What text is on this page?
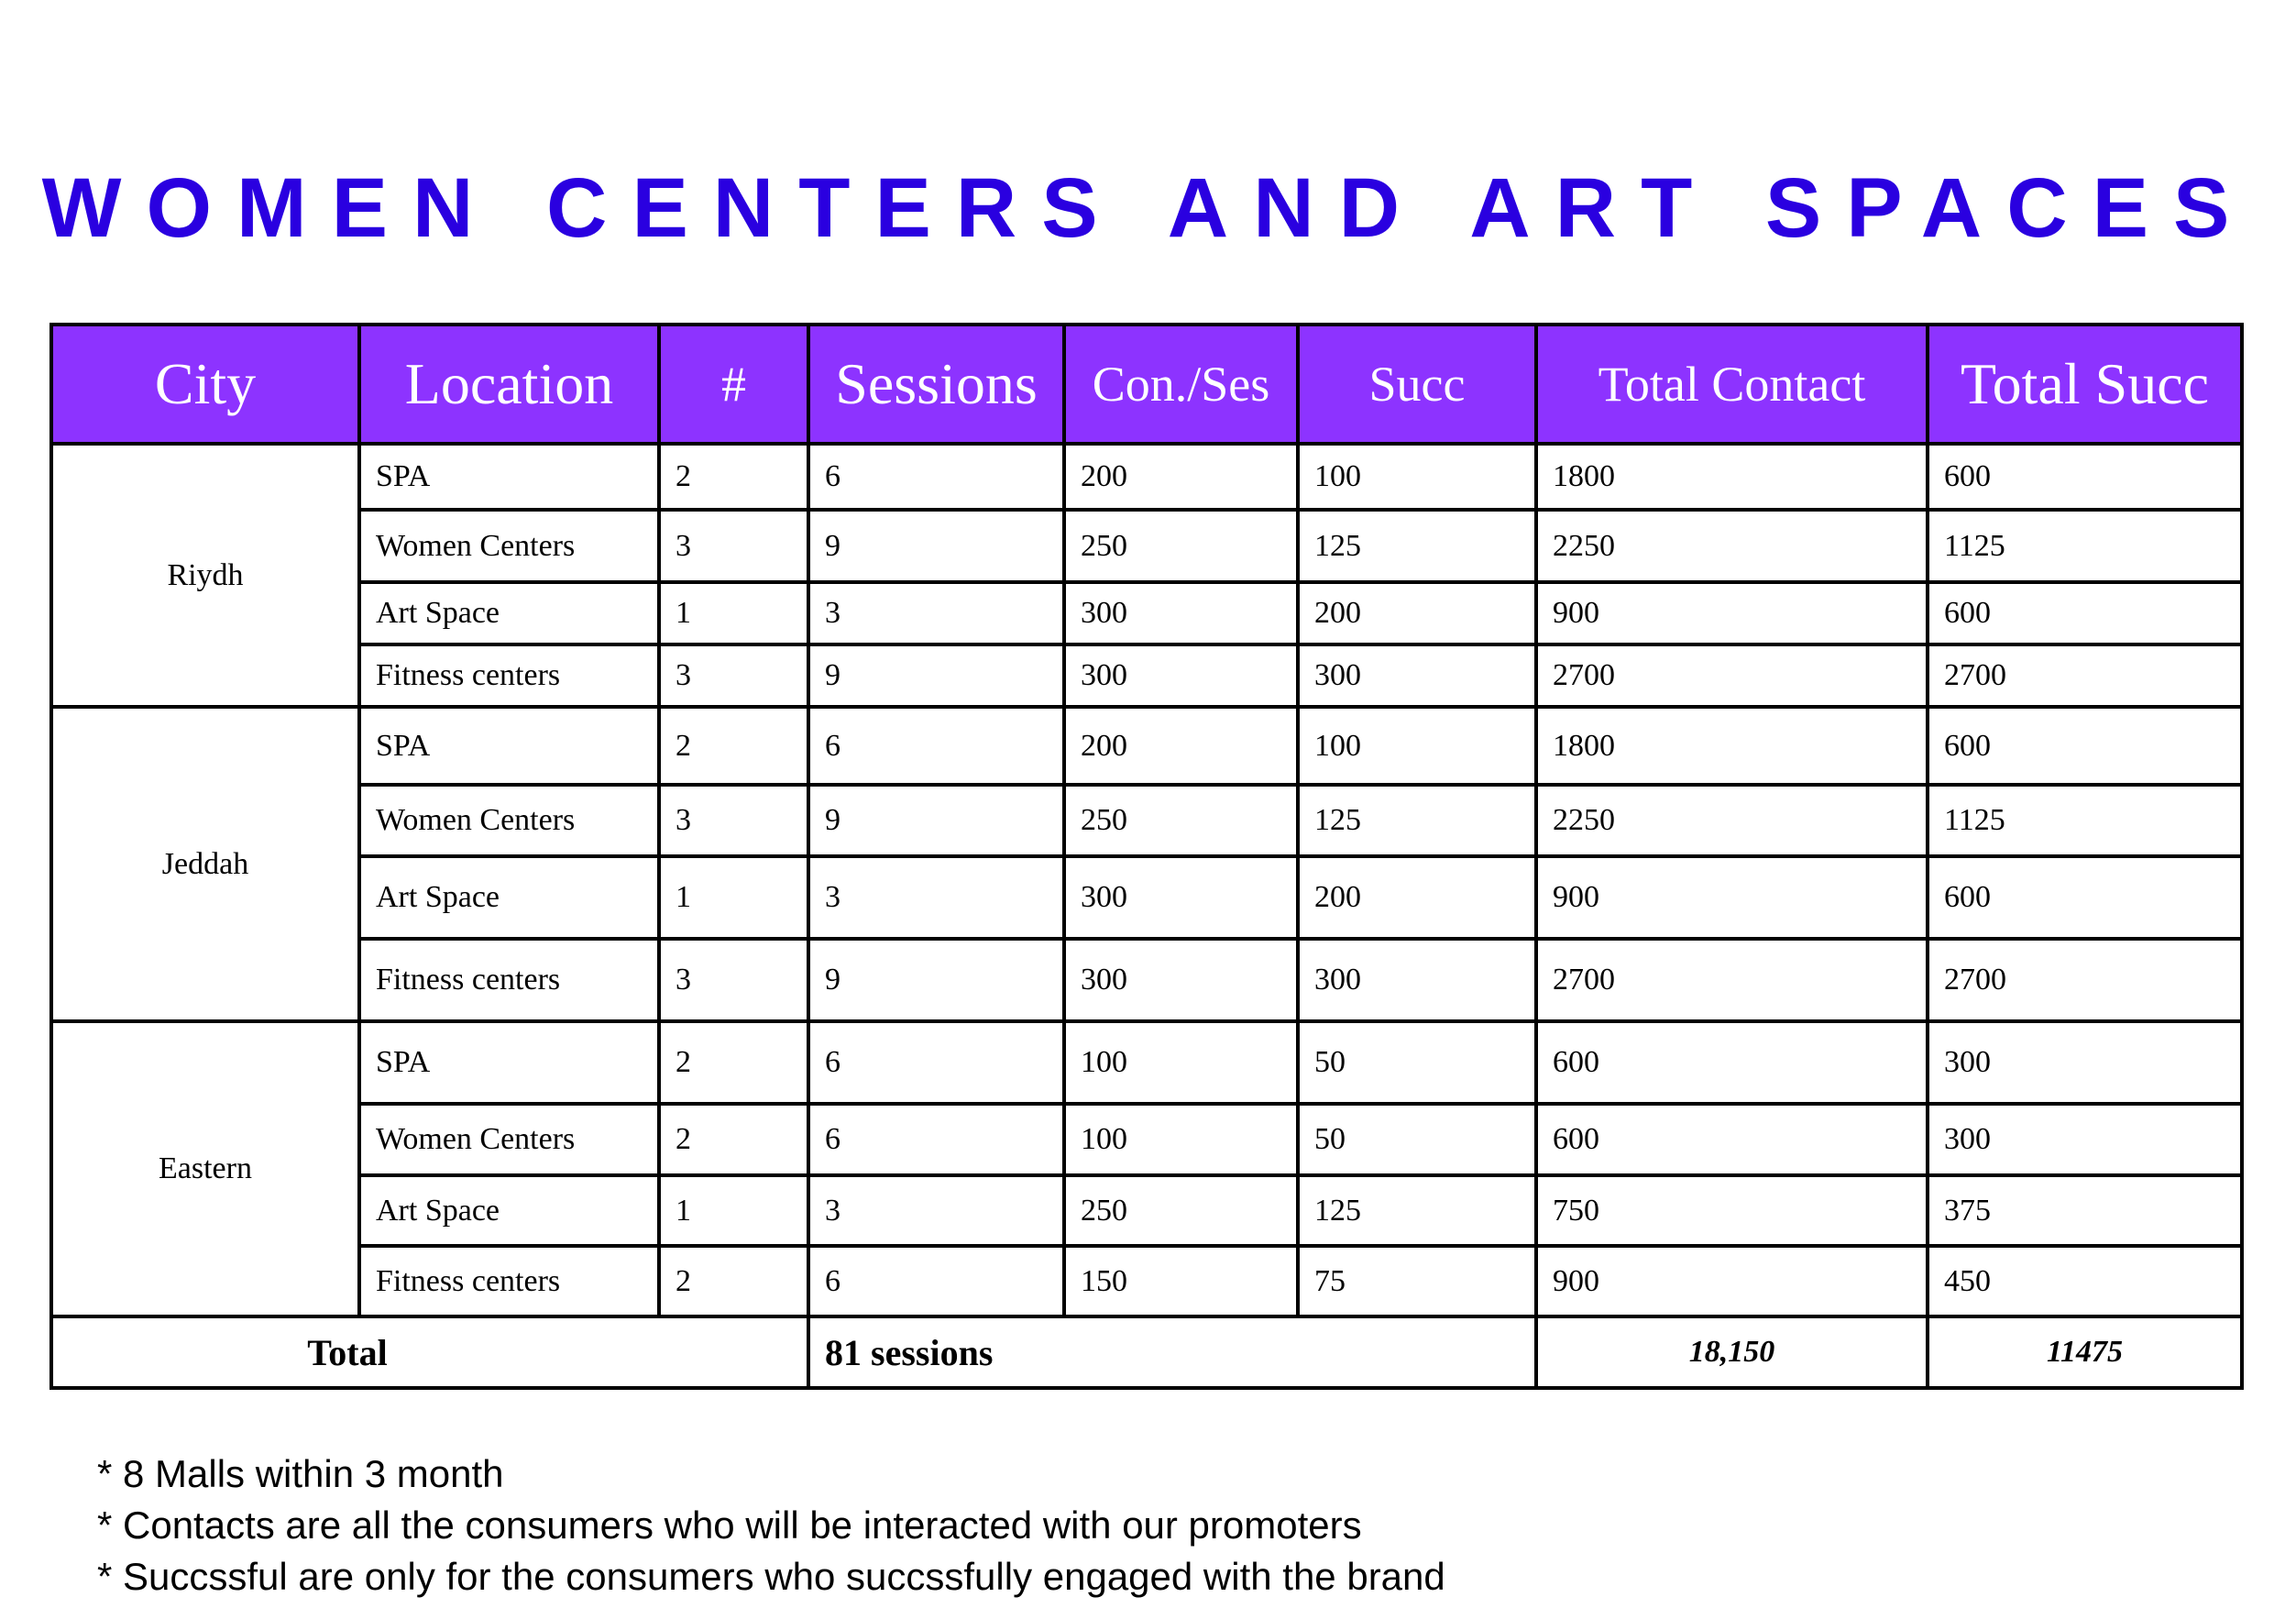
WOMEN CENTERS AND ART SPACES
City	Location	#	Sessions	Con./Ses	Succ	Total Contact	Total Succ
Riydh	SPA	2	6	200	100	1800	600
	Women Centers	3	9	250	125	2250	1125
	Art Space	1	3	300	200	900	600
	Fitness centers	3	9	300	300	2700	2700
Jeddah	SPA	2	6	200	100	1800	600
	Women Centers	3	9	250	125	2250	1125
	Art Space	1	3	300	200	900	600
	Fitness centers	3	9	300	300	2700	2700
Eastern	SPA	2	6	100	50	600	300
	Women Centers	2	6	100	50	600	300
	Art Space	1	3	250	125	750	375
	Fitness centers	2	6	150	75	900	450
Total			81 sessions			18,150	11475
* 8 Malls within 3 month
* Contacts are all the consumers who will be interacted with our promoters
* Succssful are only for the consumers who succssfully engaged with the brand
